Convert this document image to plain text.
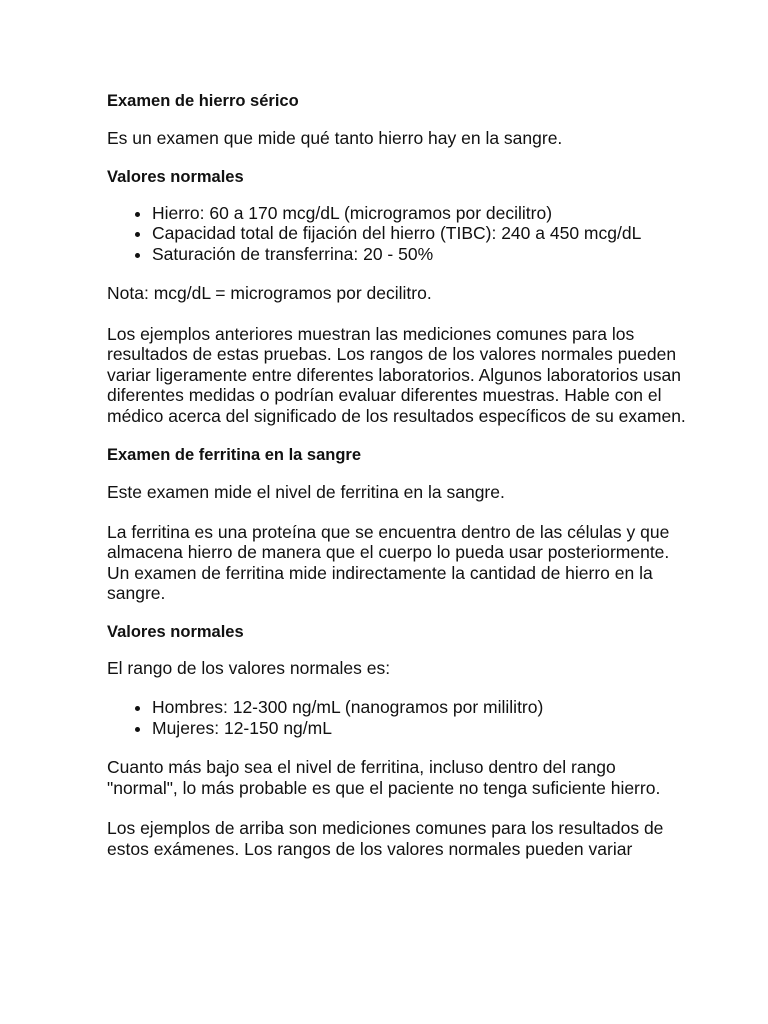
Examen de hierro sérico

Es un examen que mide qué tanto hierro hay en la sangre.

Valores normales
• Hierro: 60 a 170 mcg/dL (microgramos por decilitro)
• Capacidad total de fijación del hierro (TIBC): 240 a 450 mcg/dL
• Saturación de transferrina: 20 - 50%

Nota: mcg/dL = microgramos por decilitro.

Los ejemplos anteriores muestran las mediciones comunes para los resultados de estas pruebas. Los rangos de los valores normales pueden variar ligeramente entre diferentes laboratorios. Algunos laboratorios usan diferentes medidas o podrían evaluar diferentes muestras. Hable con el médico acerca del significado de los resultados específicos de su examen.

Examen de ferritina en la sangre

Este examen mide el nivel de ferritina en la sangre.

La ferritina es una proteína que se encuentra dentro de las células y que almacena hierro de manera que el cuerpo lo pueda usar posteriormente. Un examen de ferritina mide indirectamente la cantidad de hierro en la sangre.

Valores normales

El rango de los valores normales es:

• Hombres: 12-300 ng/mL (nanogramos por mililitro)
• Mujeres: 12-150 ng/mL

Cuanto más bajo sea el nivel de ferritina, incluso dentro del rango "normal", lo más probable es que el paciente no tenga suficiente hierro.

Los ejemplos de arriba son mediciones comunes para los resultados de estos exámenes. Los rangos de los valores normales pueden variar
